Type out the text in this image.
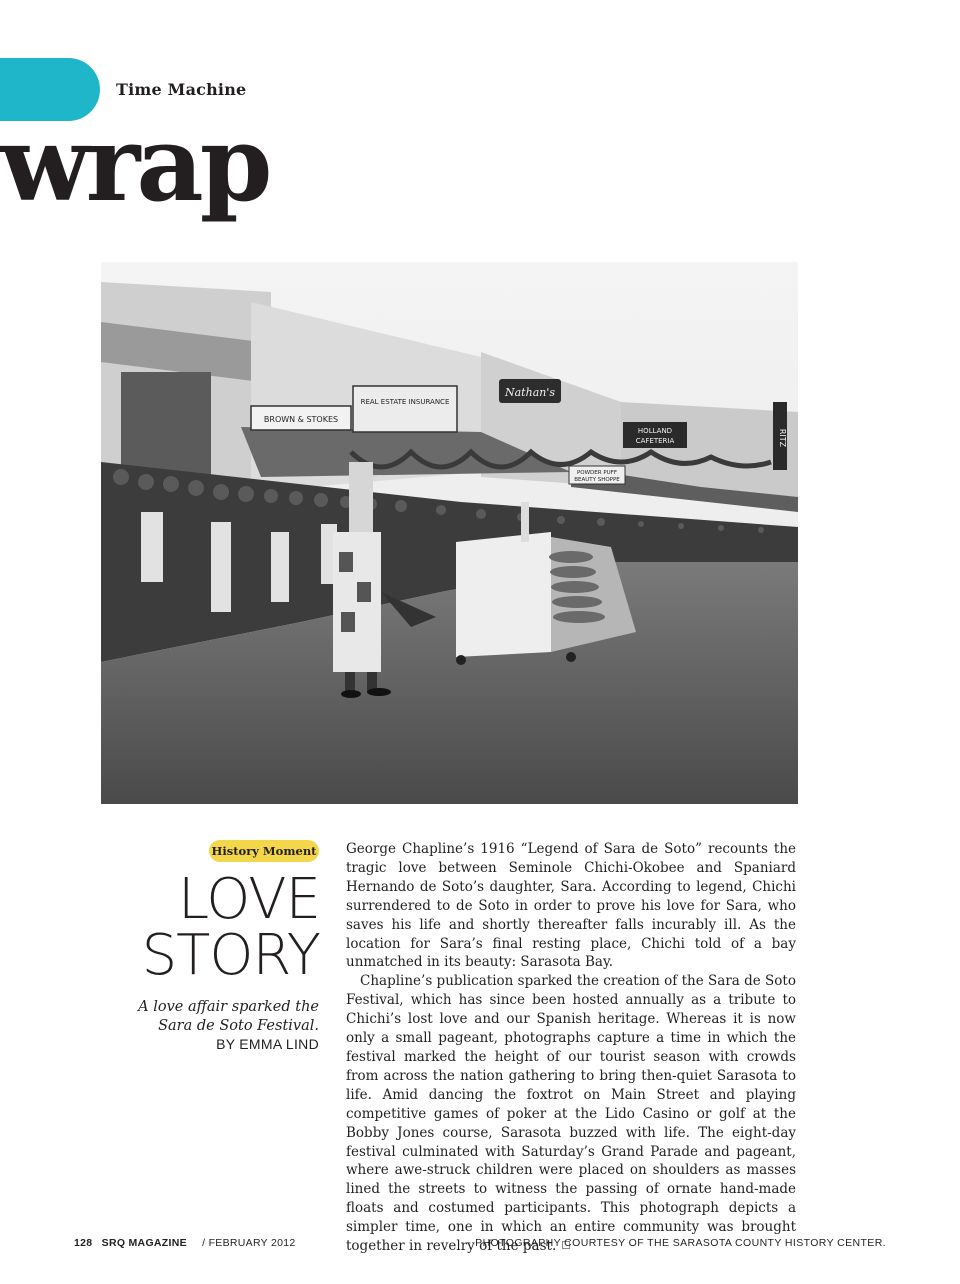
Time Machine
wrap
BROWN & STOKES
REAL ESTATE INSURANCE
Nathan's
HOLLAND
CAFETERIA
POWDER PUFF
BEAUTY SHOPPE
RITZ
History Moment
LOVE
STORY
A love affair sparked the Sara de Soto Festival.
BY EMMA LIND

George Chapline’s 1916 “Legend of Sara de Soto” recounts the tragic love between Seminole Chichi-Okobee and Spaniard Hernando de Soto’s daughter, Sara. According to legend, Chichi surrendered to de Soto in order to prove his love for Sara, who saves his life and shortly thereafter falls incurably ill. As the location for Sara’s final resting place, Chichi told of a bay unmatched in its beauty: Sarasota Bay.

Chapline’s publication sparked the creation of the Sara de Soto Festival, which has since been hosted annually as a tribute to Chichi’s lost love and our Spanish heritage. Whereas it is now only a small pageant, photographs capture a time in which the festival marked the height of our tourist season with crowds from across the nation gathering to bring then-quiet Sarasota to life. Amid dancing the foxtrot on Main Street and playing competitive games of poker at the Lido Casino or golf at the Bobby Jones course, Sarasota buzzed with life. The eight-day festival culminated with Saturday’s Grand Parade and pageant, where awe-struck children were placed on shoulders as masses lined the streets to witness the passing of ornate hand-made floats and costumed participants. This photograph depicts a simpler time, one in which an entire community was brought together in revelry of the past.

128 SRQ MAGAZINE / FEBRUARY 2012	PHOTOGRAPHY COURTESY OF THE SARASOTA COUNTY HISTORY CENTER.
